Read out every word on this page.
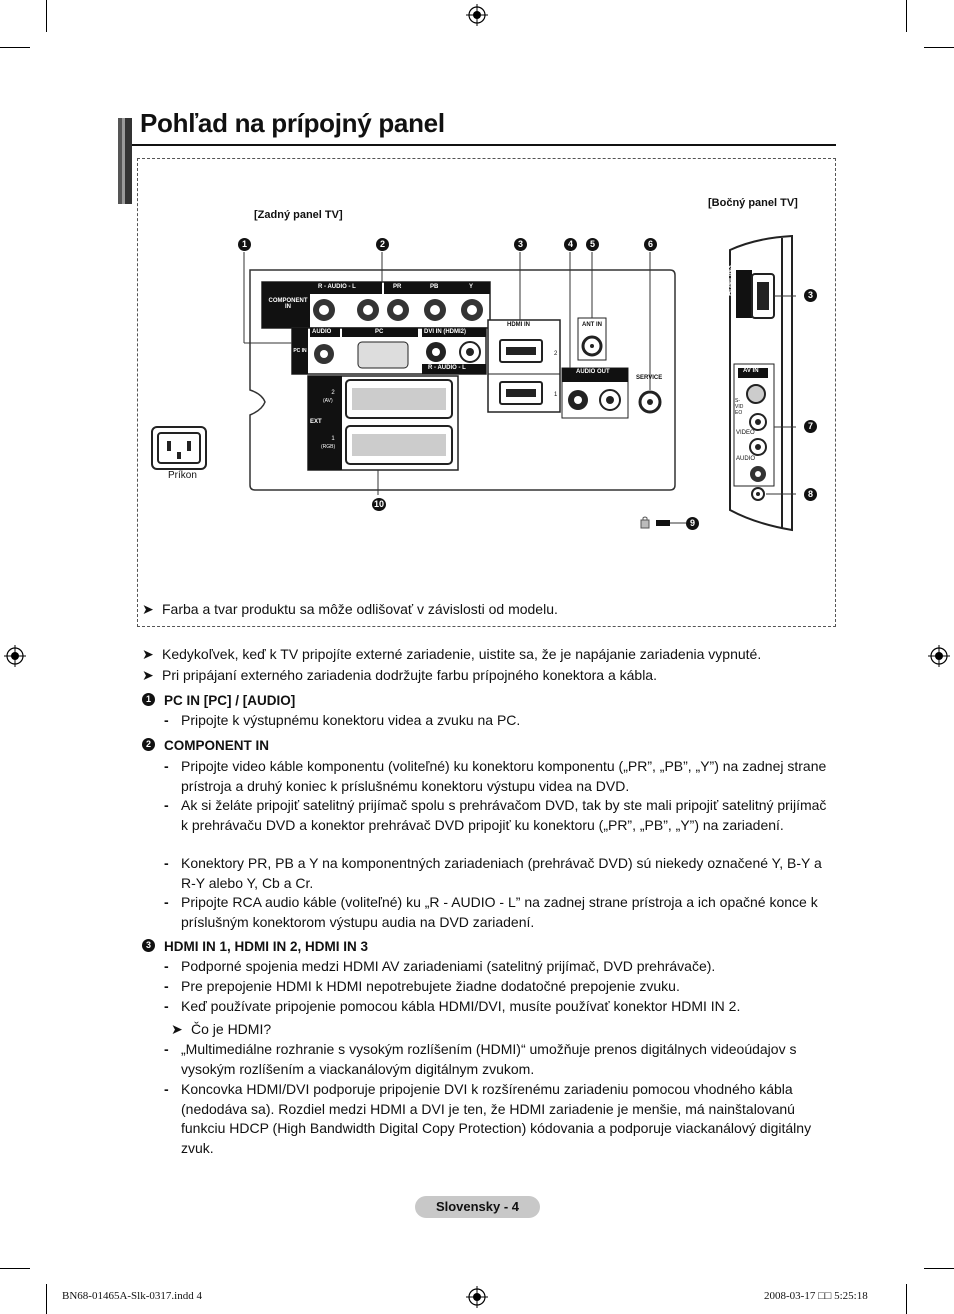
Pohľad na prípojný panel
[Zadný panel TV]
[Bočný panel TV]
COMPONENT IN
R - AUDIO - L	PR	PB	Y
AUDIO	PC
PC IN
DVI IN (HDMI2)
R - AUDIO - L
HDMI IN
2
1
ANT IN
AUDIO OUT
R - AUDIO - L	SERVICE
EXT
2
(AV)
1
(RGB)
Príkon
1	2	3	4	5	6
10
9
HDMI IN3
AV IN
S-VIDEO
VIDEO
AUDIO
3
7
8
➤ Farba a tvar produktu sa môže odlišovať v závislosti od modelu.
➤ Kedykoľvek, keď k TV pripojíte externé zariadenie, uistite sa, že je napájanie zariadenia vypnuté.
➤ Pri pripájaní externého zariadenia dodržujte farbu prípojného konektora a kábla.
1 PC IN [PC] / [AUDIO]
- Pripojte k výstupnému konektoru videa a zvuku na PC.
2 COMPONENT IN
- Pripojte video káble komponentu (voliteľné) ku konektoru komponentu („PR”, „PB”, „Y”) na zadnej strane prístroja a druhý koniec k príslušnému konektoru výstupu videa na DVD.
- Ak si želáte pripojiť satelitný prijímač spolu s prehrávačom DVD, tak by ste mali pripojiť satelitný prijímač k prehrávaču DVD a konektor prehrávač DVD pripojiť ku konektoru („PR”, „PB”, „Y”) na zariadení.
- Konektory PR, PB a Y na komponentných zariadeniach (prehrávač DVD) sú niekedy označené Y, B-Y a R-Y alebo Y, Cb a Cr.
- Pripojte RCA audio káble (voliteľné) ku „R - AUDIO - L” na zadnej strane prístroja a ich opačné konce k príslušným konektorom výstupu audia na DVD zariadení.
3 HDMI IN 1, HDMI IN 2, HDMI IN 3
- Podporné spojenia medzi HDMI AV zariadeniami (satelitný prijímač, DVD prehrávače).
- Pre prepojenie HDMI k HDMI nepotrebujete žiadne dodatočné prepojenie zvuku.
- Keď používate pripojenie pomocou kábla HDMI/DVI, musíte používať konektor HDMI IN 2.
➤ Čo je HDMI?
- „Multimediálne rozhranie s vysokým rozlíšením (HDMI)“ umožňuje prenos digitálnych videoúdajov s vysokým rozlíšením a viackanálovým digitálnym zvukom.
- Koncovka HDMI/DVI podporuje pripojenie DVI k rozšírenému zariadeniu pomocou vhodného kábla (nedodáva sa). Rozdiel medzi HDMI a DVI je ten, že HDMI zariadenie je menšie, má nainštalovanú funkciu HDCP (High Bandwidth Digital Copy Protection) kódovania a podporuje viackanálový digitálny zvuk.
Slovensky - 4
BN68-01465A-Slk-0317.indd 4	2008-03-17 □□ 5:25:18
